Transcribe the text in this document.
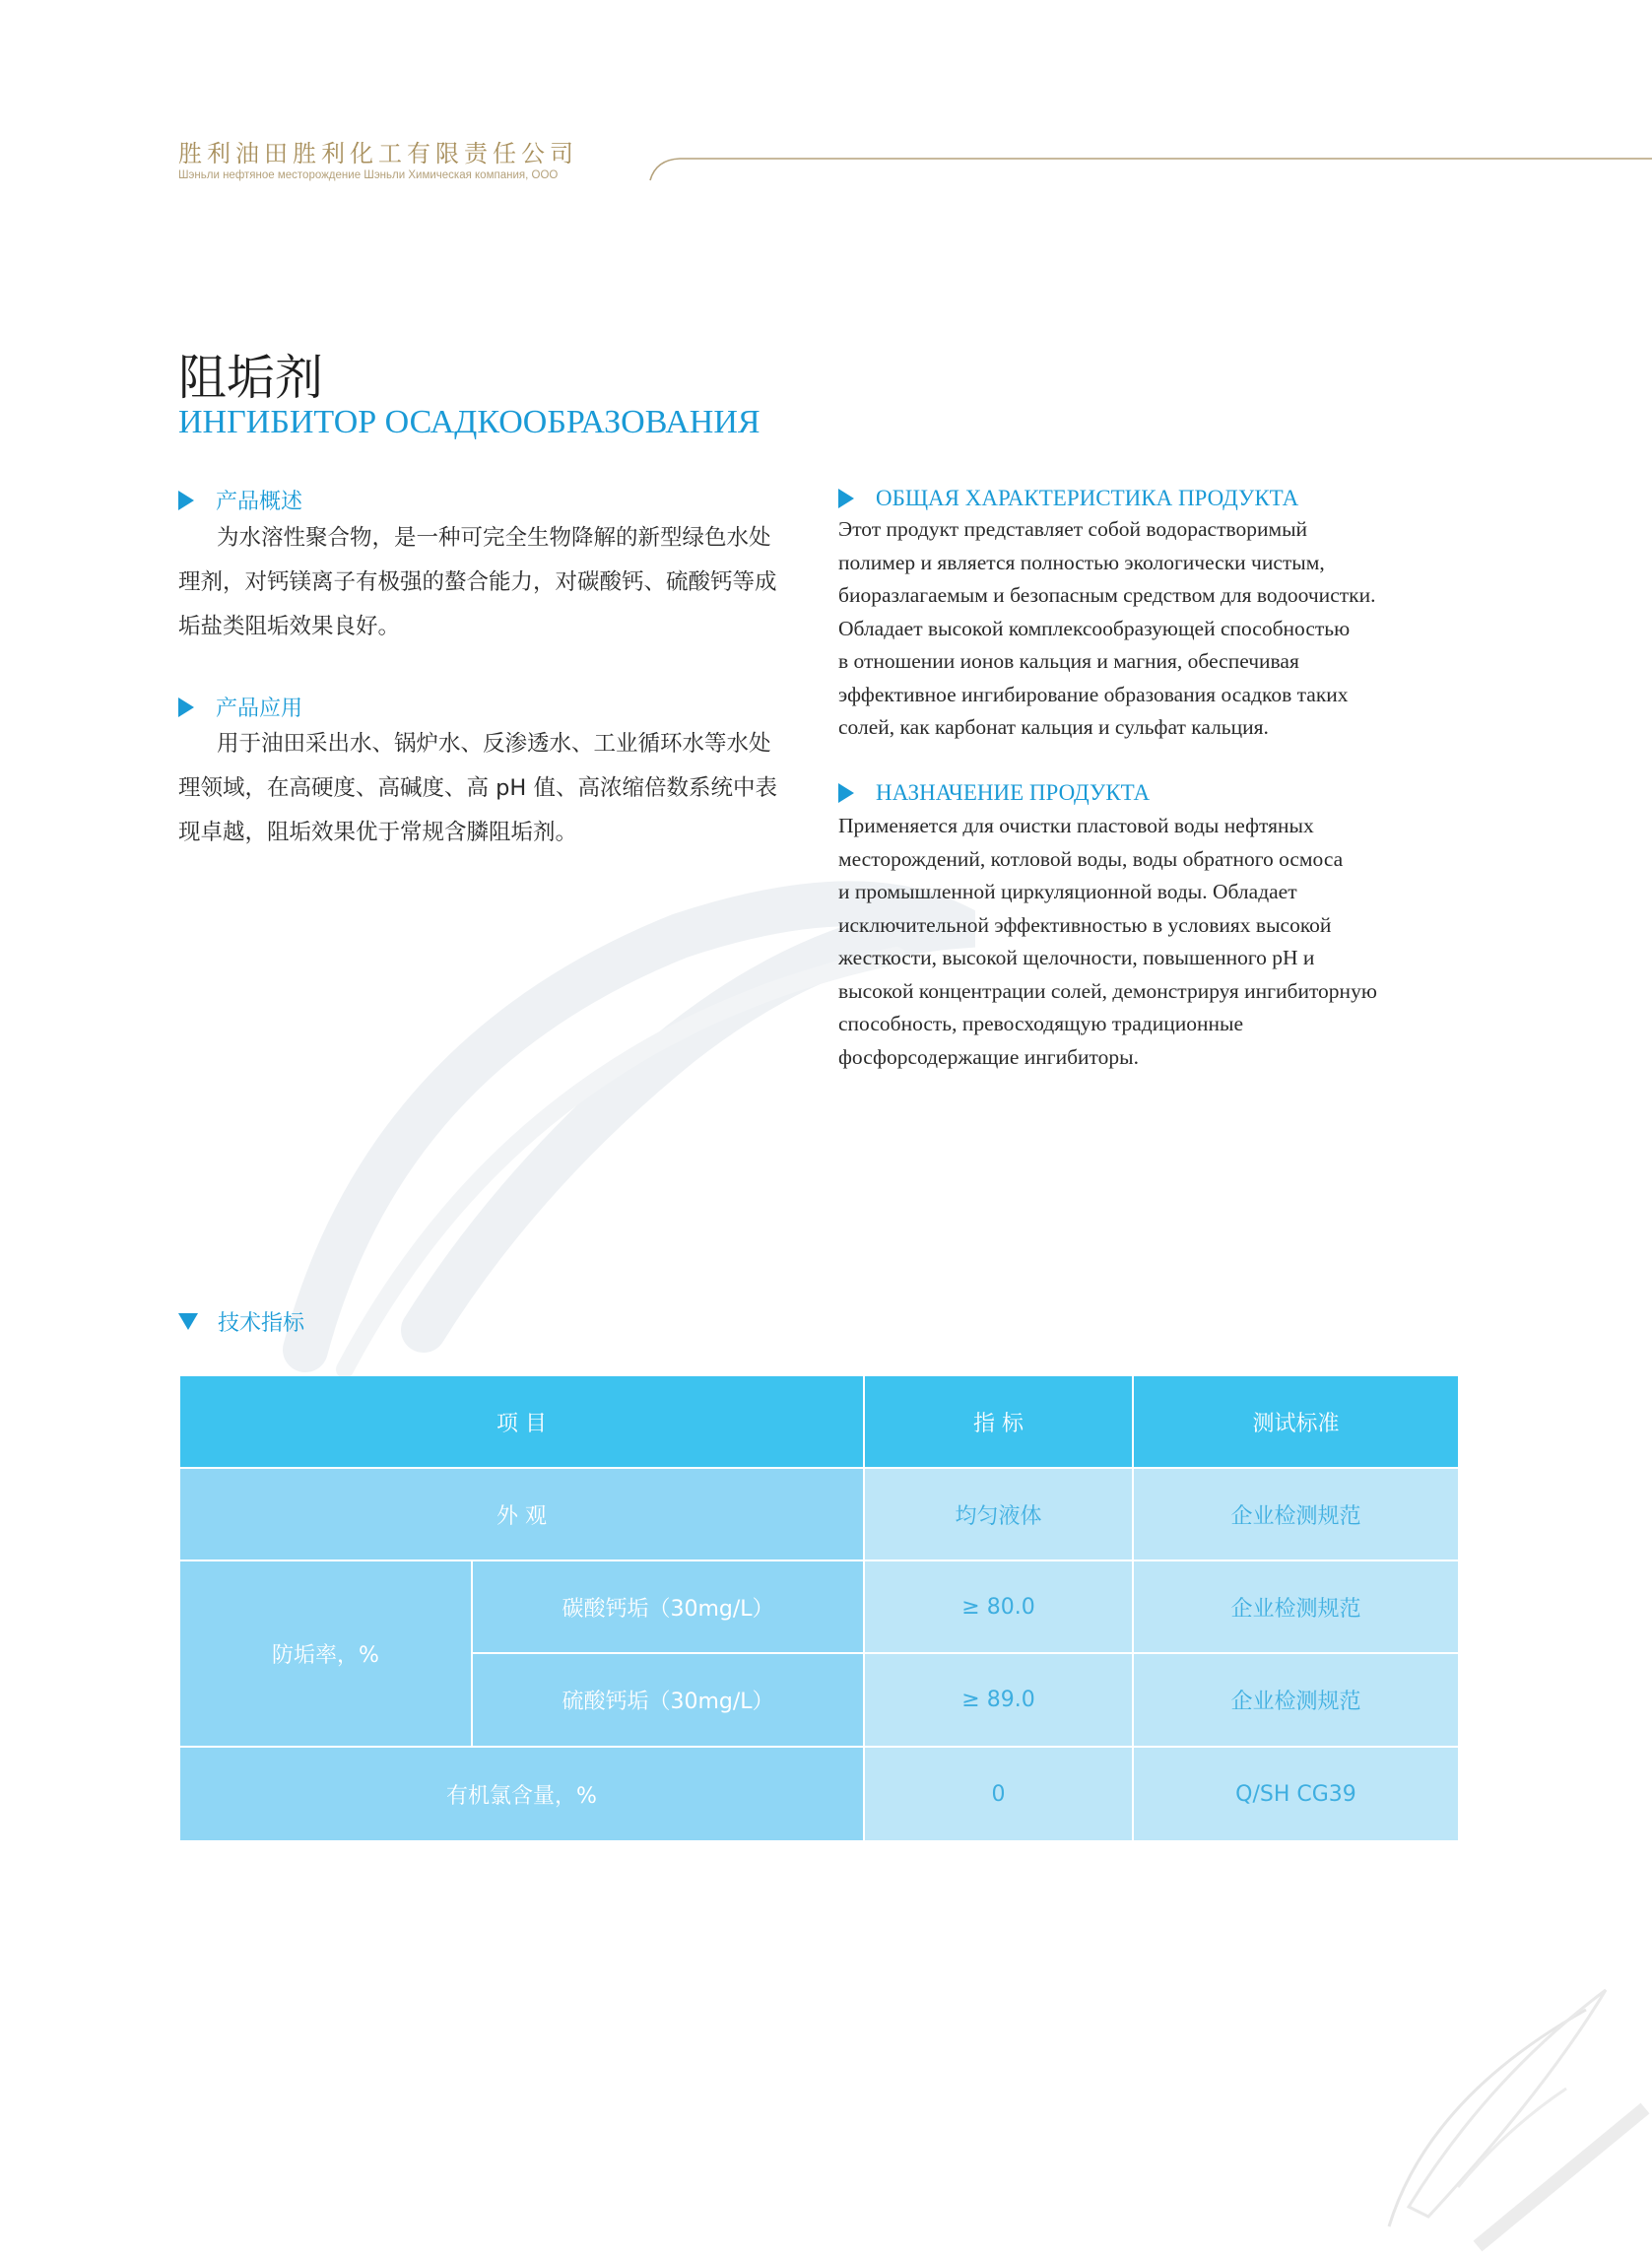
胜利油田胜利化工有限责任公司
Шэньли нефтяное месторождение Шэньли Химическая компания, ООО
阻垢剂
ИНГИБИТОР ОСАДКООБРАЗОВАНИЯ
产品概述

为水溶性聚合物，是一种可完全生物降解的新型绿色水处理剂，对钙镁离子有极强的螯合能力，对碳酸钙、硫酸钙等成垢盐类阻垢效果良好。

产品应用

用于油田采出水、锅炉水、反渗透水、工业循环水等水处理领域，在高硬度、高碱度、高 pH 值、高浓缩倍数系统中表现卓越，阻垢效果优于常规含膦阻垢剂。

ОБЩАЯ ХАРАКТЕРИСТИКА ПРОДУКТА

Этот продукт представляет собой водорастворимый
полимер и является полностью экологически чистым,
биоразлагаемым и безопасным средством для водоочистки.
Обладает высокой комплексообразующей способностью
в отношении ионов кальция и магния, обеспечивая
эффективное ингибирование образования осадков таких
солей, как карбонат кальция и сульфат кальция.

НАЗНАЧЕНИЕ ПРОДУКТА

Применяется для очистки пластовой воды нефтяных
месторождений, котловой воды, воды обратного осмоса
и промышленной циркуляционной воды. Обладает
исключительной эффективностью в условиях высокой
жесткости, высокой щелочности, повышенного pH и
высокой концентрации солей, демонстрируя ингибиторную
способность, превосходящую традиционные
фосфорсодержащие ингибиторы.

技术指标
项 目	指 标	测试标准
外 观	均匀液体	企业检测规范
防垢率，%
碳酸钙垢（30mg/L）	≥ 80.0	企业检测规范
硫酸钙垢（30mg/L）	≥ 89.0	企业检测规范
有机氯含量，%	0	Q/SH CG39
